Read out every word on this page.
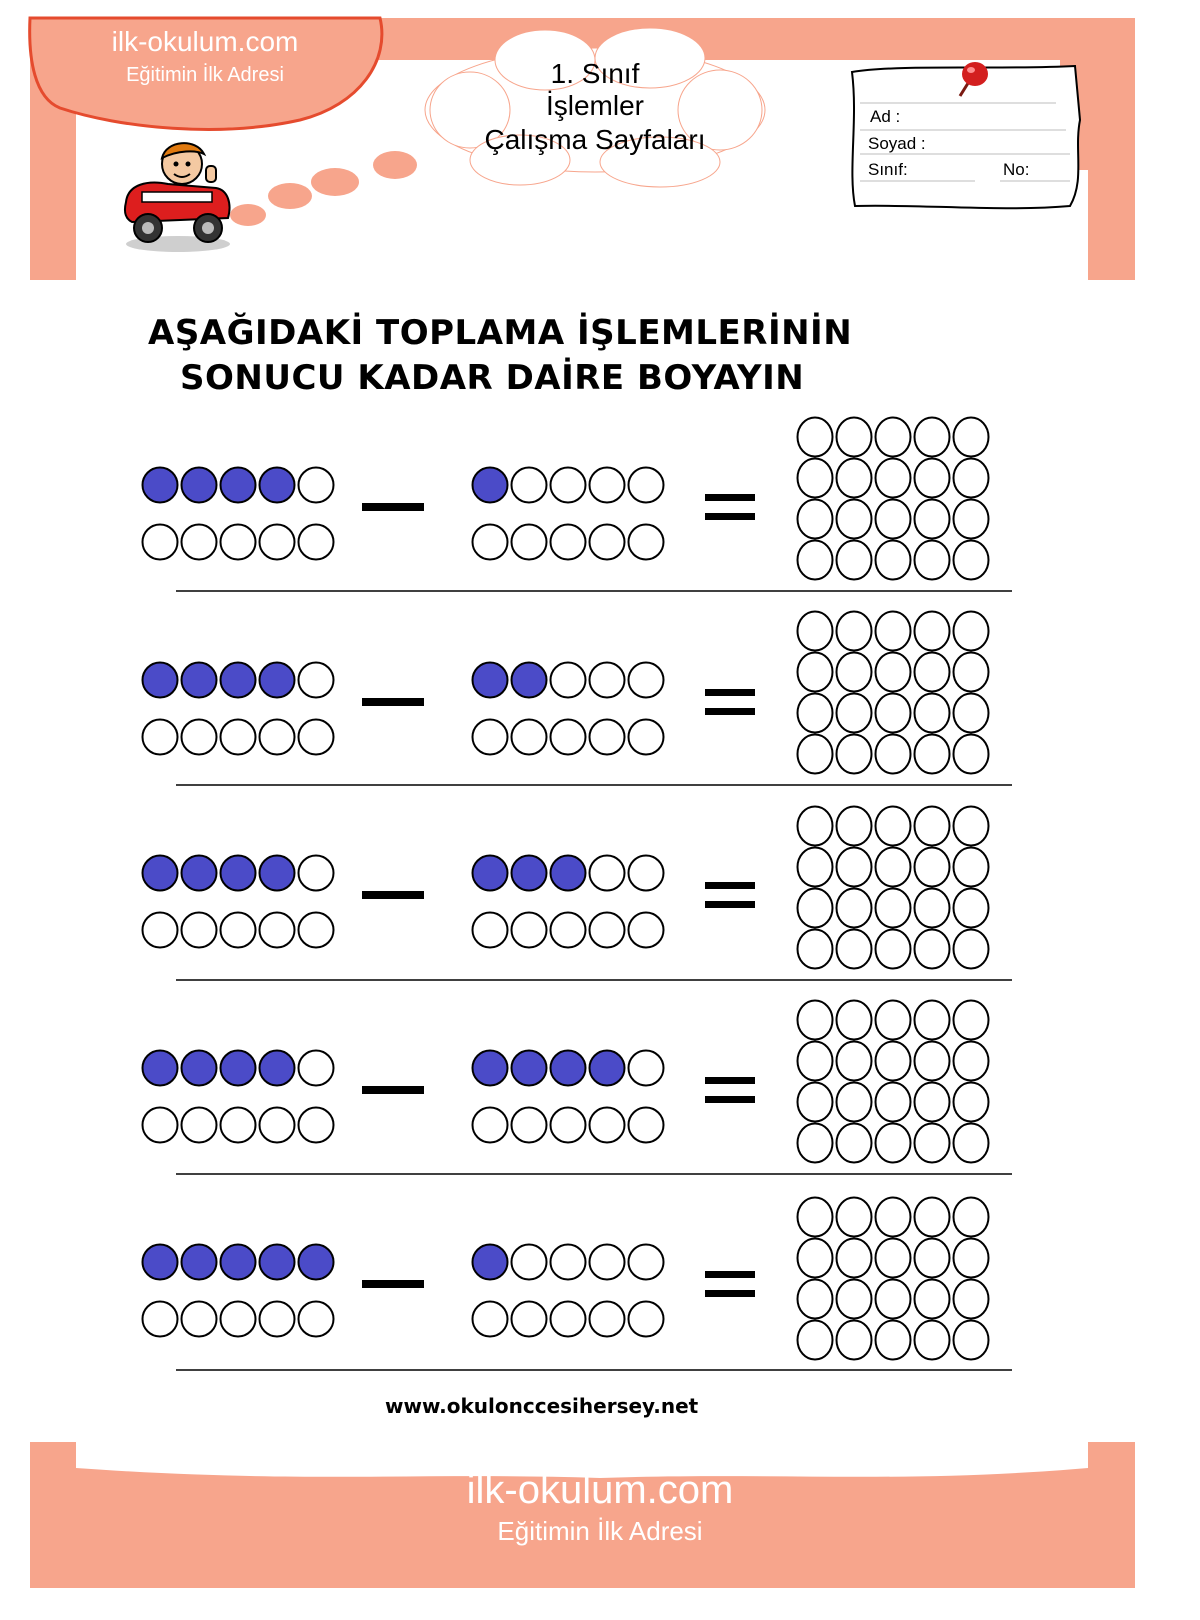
ilk-okulum.com
Eğitimin İlk Adresi	1. Sınıf
İşlemler
Çalışma Sayfaları
Ad :
Soyad :
Sınıf:	No:
AŞAĞIDAKİ TOPLAMA İŞLEMLERİNİN
SONUCU KADAR DAİRE BOYAYIN
www.okulonccesihersey.net
ilk-okulum.com
Eğitimin İlk Adresi
